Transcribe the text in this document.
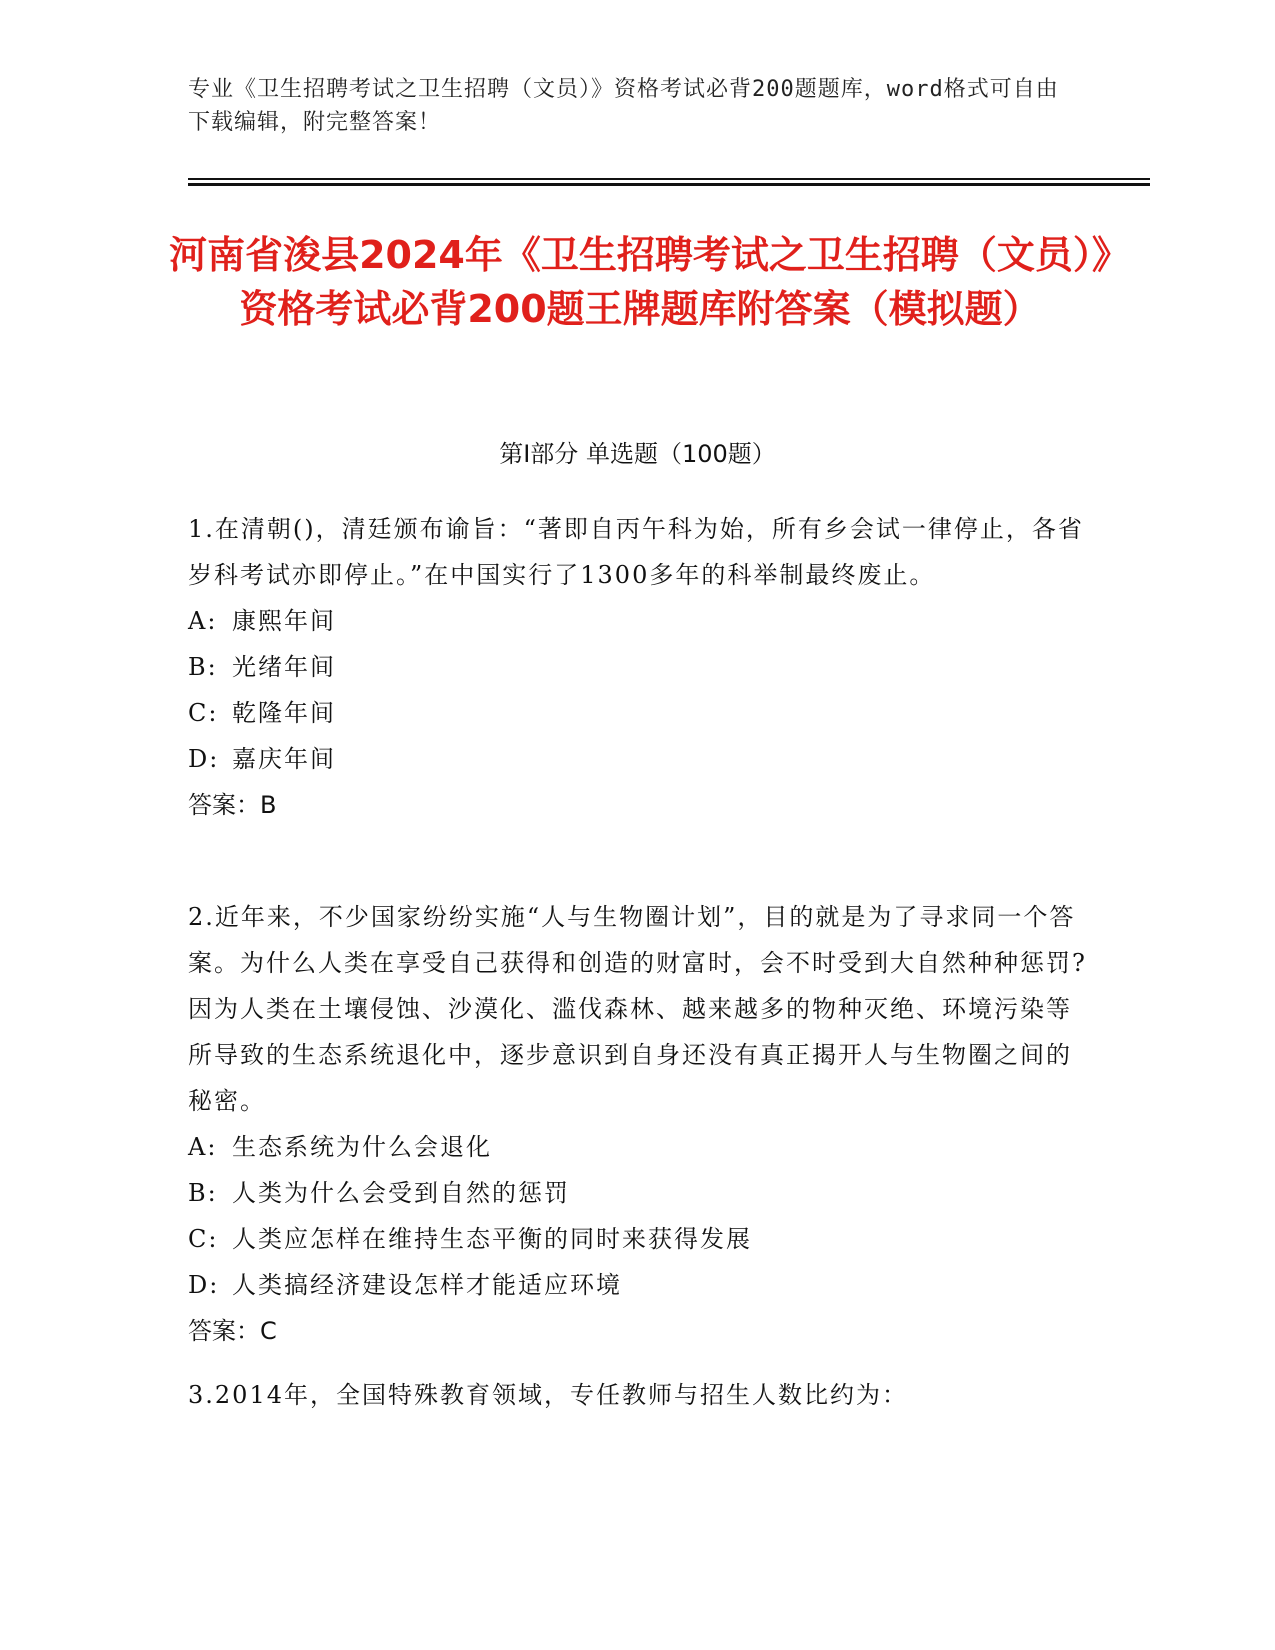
专业《卫生招聘考试之卫生招聘（文员）》资格考试必背200题题库，word格式可自由下载编辑，附完整答案！
河南省浚县2024年《卫生招聘考试之卫生招聘（文员）》资格考试必背200题王牌题库附答案（模拟题）
第Ⅰ部分 单选题（100题）
1.在清朝()，清廷颁布谕旨：“著即自丙午科为始，所有乡会试一律停止，各省岁科考试亦即停止。”在中国实行了1300多年的科举制最终废止。
A: 康熙年间
B: 光绪年间
C: 乾隆年间
D: 嘉庆年间
答案：B
2.近年来，不少国家纷纷实施“人与生物圈计划”，目的就是为了寻求同一个答案。为什么人类在享受自己获得和创造的财富时，会不时受到大自然种种惩罚?因为人类在土壤侵蚀、沙漠化、滥伐森林、越来越多的物种灭绝、环境污染等所导致的生态系统退化中，逐步意识到自身还没有真正揭开人与生物圈之间的秘密。
A: 生态系统为什么会退化
B: 人类为什么会受到自然的惩罚
C: 人类应怎样在维持生态平衡的同时来获得发展
D: 人类搞经济建设怎样才能适应环境
答案：C
3.2014年，全国特殊教育领域，专任教师与招生人数比约为：
